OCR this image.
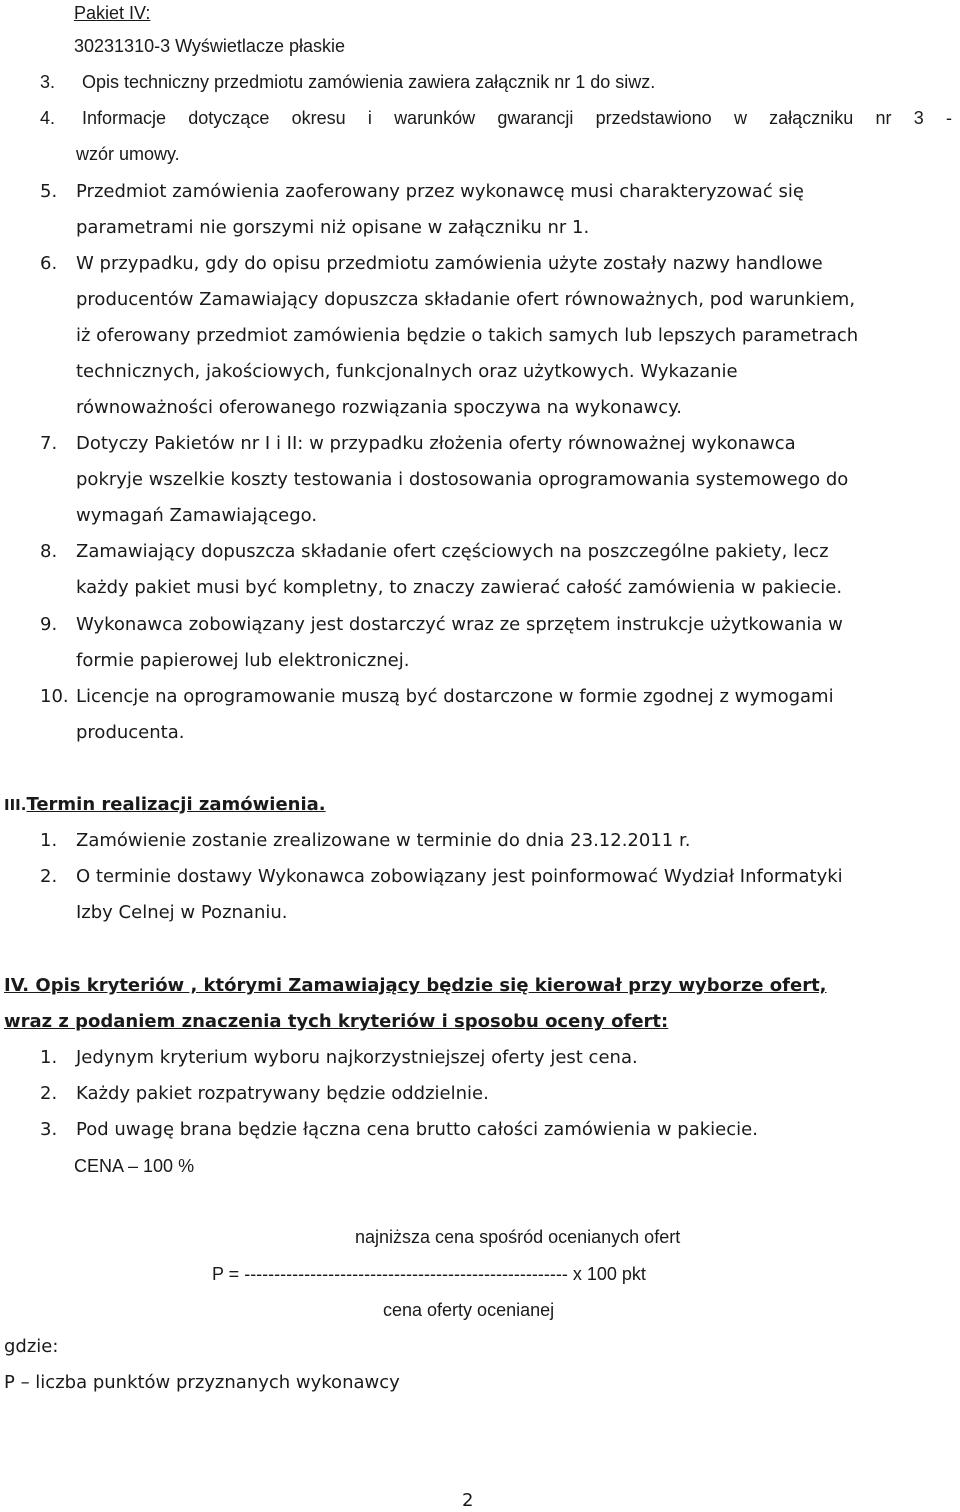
Pakiet IV:
30231310-3 Wyświetlacze płaskie
3. Opis techniczny przedmiotu zamówienia zawiera załącznik nr 1 do siwz.
4. Informacje dotyczące okresu i warunków gwarancji przedstawiono w załączniku nr 3 -
wzór umowy.
5. Przedmiot zamówienia zaoferowany przez wykonawcę musi charakteryzować się
parametrami nie gorszymi niż opisane w załączniku nr 1.
6. W przypadku, gdy do opisu przedmiotu zamówienia użyte zostały nazwy handlowe
producentów Zamawiający dopuszcza składanie ofert równoważnych, pod warunkiem,
iż oferowany przedmiot zamówienia będzie o takich samych lub lepszych parametrach
technicznych, jakościowych, funkcjonalnych oraz użytkowych. Wykazanie
równoważności oferowanego rozwiązania spoczywa na wykonawcy.
7. Dotyczy Pakietów nr I i II: w przypadku złożenia oferty równoważnej wykonawca
pokryje wszelkie koszty testowania i dostosowania oprogramowania systemowego do
wymagań Zamawiającego.
8. Zamawiający dopuszcza składanie ofert częściowych na poszczególne pakiety, lecz
każdy pakiet musi być kompletny, to znaczy zawierać całość zamówienia w pakiecie.
9. Wykonawca zobowiązany jest dostarczyć wraz ze sprzętem instrukcje użytkowania w
formie papierowej lub elektronicznej.
10. Licencje na oprogramowanie muszą być dostarczone w formie zgodnej z wymogami
producenta.
III.Termin realizacji zamówienia.
1. Zamówienie zostanie zrealizowane w terminie do dnia 23.12.2011 r.
2. O terminie dostawy Wykonawca zobowiązany jest poinformować Wydział Informatyki
Izby Celnej w Poznaniu.
IV. Opis kryteriów , którymi Zamawiający będzie się kierował przy wyborze ofert,
wraz z podaniem znaczenia tych kryteriów i sposobu oceny ofert:
1. Jedynym kryterium wyboru najkorzystniejszej oferty jest cena.
2. Każdy pakiet rozpatrywany będzie oddzielnie.
3. Pod uwagę brana będzie łączna cena brutto całości zamówienia w pakiecie.
CENA – 100 %
najniższa cena spośród ocenianych ofert
P = ------------------------------------------------------ x 100 pkt
cena oferty ocenianej
gdzie:
P – liczba punktów przyznanych wykonawcy
2
